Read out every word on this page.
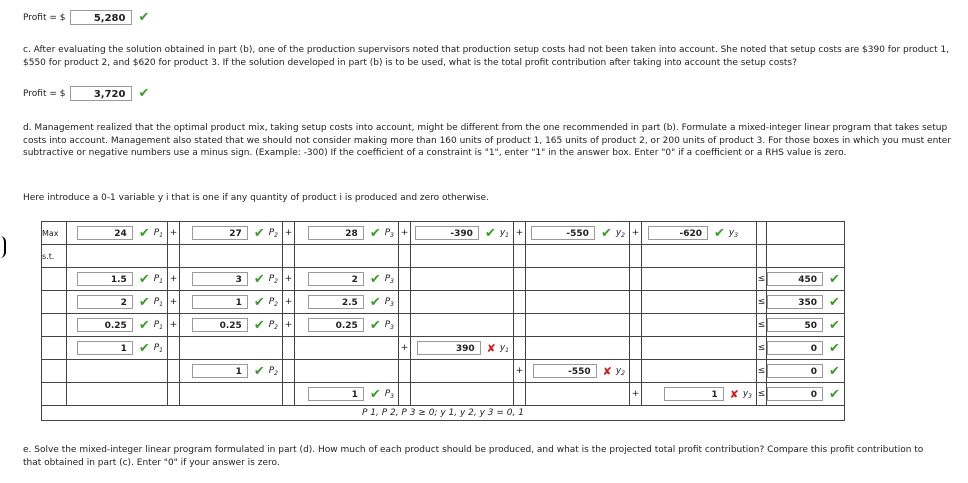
Profit = $	5,280	✔
c. After evaluating the solution obtained in part (b), one of the production supervisors noted that production setup costs had not been taken into account. She noted that setup costs are $390 for product 1, $550 for product 2, and $620 for product 3. If the solution developed in part (b) is to be used, what is the total profit contribution after taking into account the setup costs?
Profit = $	3,720	✔
d. Management realized that the optimal product mix, taking setup costs into account, might be different from the one recommended in part (b). Formulate a mixed-integer linear program that takes setup costs into account. Management also stated that we should not consider making more than 160 units of product 1, 165 units of product 2, or 200 units of product 3. For those boxes in which you must enter subtractive or negative numbers use a minus sign. (Example: -300) If the coefficient of a constraint is "1", enter "1" in the answer box. Enter "0" if a coefficient or a RHS value is zero.
Here introduce a 0-1 variable y i that is one if any quantity of product i is produced and zero otherwise.
Max	24 ✔ $P_1$	+	27 ✔ $P_2$	+	28 ✔ $P_3$	+	-390 ✔ $y_1$	+	-550 ✔ $y_2$	+	-620 ✔ $y_3$

s.t.													

	1.5 ✔ $P_1$	+	3 ✔ $P_2$	+	2 ✔ $P_3$							≤	450 ✔

	2 ✔ $P_1$	+	1 ✔ $P_2$	+	2.5 ✔ $P_3$							≤	350 ✔

	0.25 ✔ $P_1$	+	0.25 ✔ $P_2$	+	0.25 ✔ $P_3$							≤	50 ✔

	1 ✔ $P_1$					+	390 ✘ $y_1$					≤	0 ✔

			1 ✔ $P_2$					+	-550 ✘ $y_2$			≤	0 ✔

					1 ✔ $P_3$					+	1 ✘ $y_3$	≤	0 ✔

P 1, P 2, P 3 ≥ 0; y 1, y 2, y 3 = 0, 1													
e. Solve the mixed-integer linear program formulated in part (d). How much of each product should be produced, and what is the projected total profit contribution? Compare this profit contribution to that obtained in part (c). Enter "0" if your answer is zero.
